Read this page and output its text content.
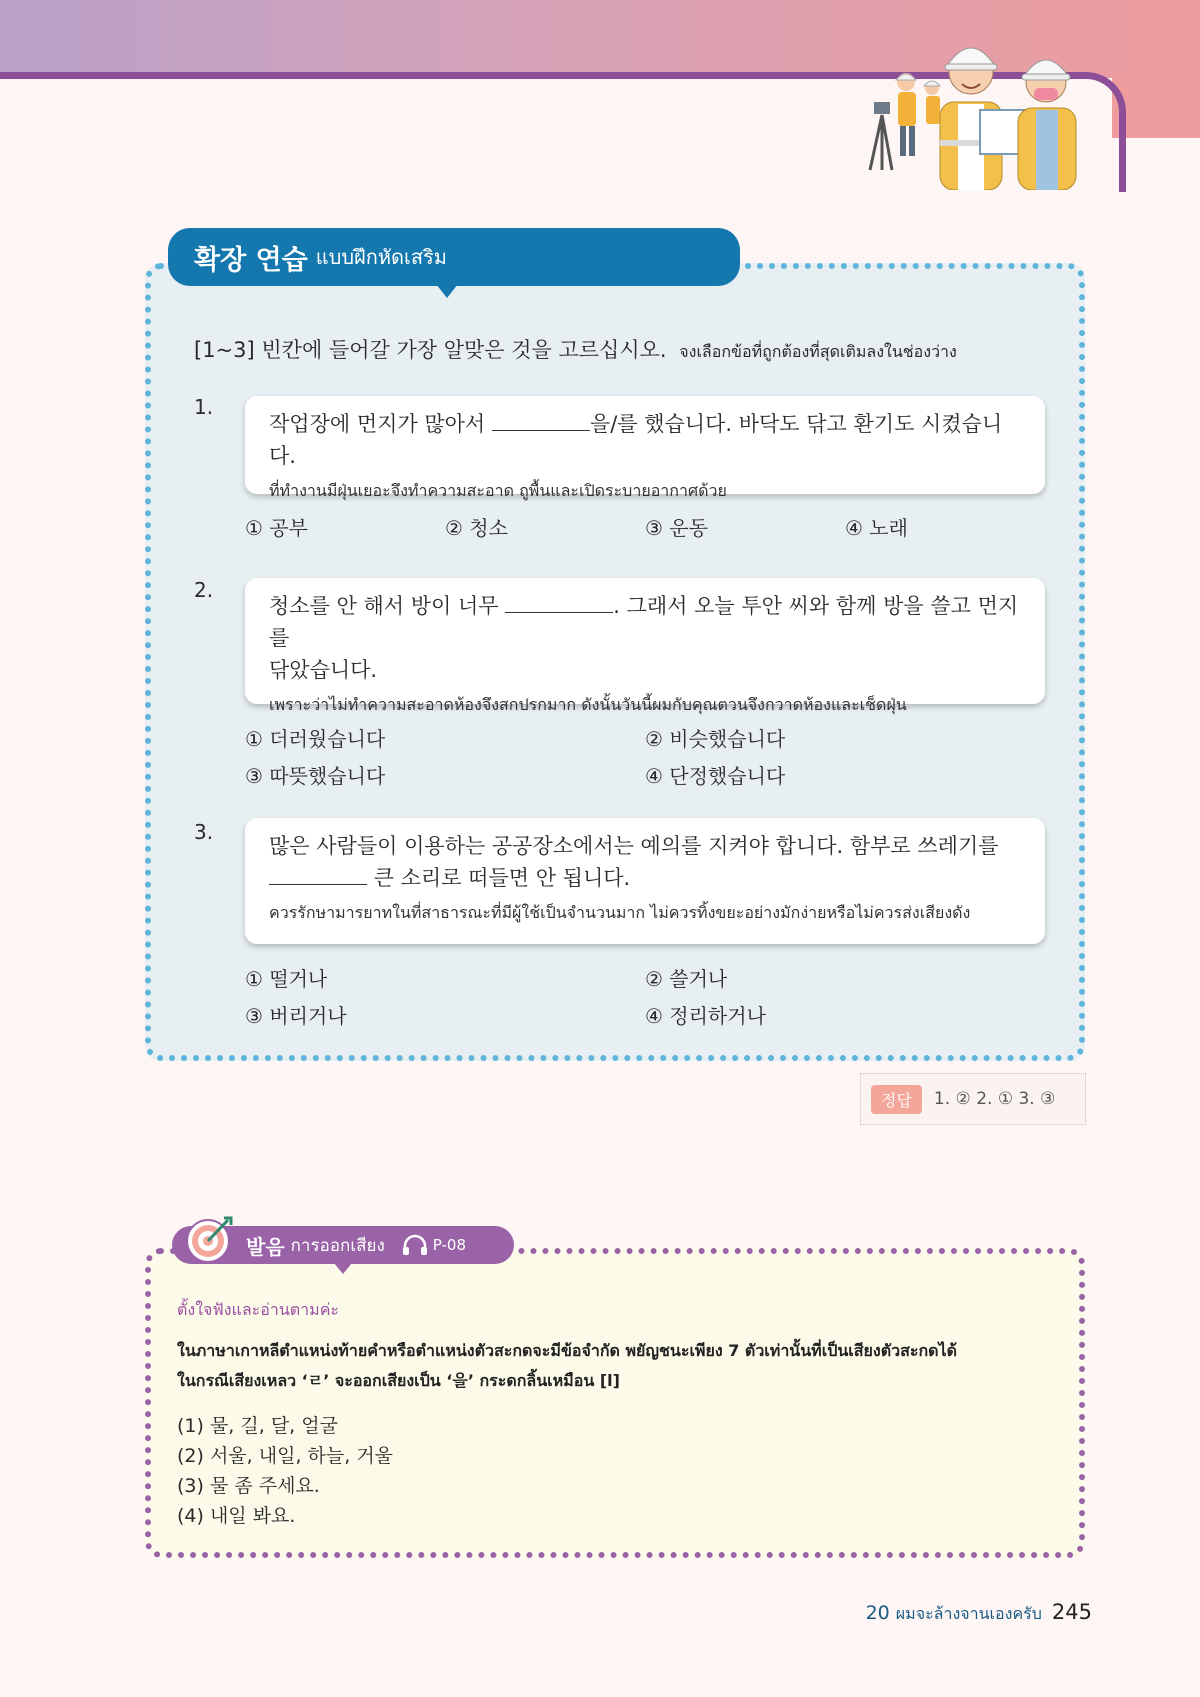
확장 연습 แบบฝึกหัดเสริม
[1~3] 빈칸에 들어갈 가장 알맞은 것을 고르십시오. จงเลือกข้อที่ถูกต้องที่สุดเติมลงในช่องว่าง
1.
작업장에 먼지가 많아서	을/를 했습니다. 바닥도 닦고 환기도 시켰습니다.
ที่ทำงานมีฝุ่นเยอะจึงทำความสะอาด ถูพื้นและเปิดระบายอากาศด้วย
① 공부	② 청소	③ 운동	④ 노래
2.
청소를 안 해서 방이 너무	. 그래서 오늘 투안 씨와 함께 방을 쓸고 먼지를
닦았습니다.
เพราะว่าไม่ทำความสะอาดห้องจึงสกปรกมาก ดังนั้นวันนี้ผมกับคุณตวนจึงกวาดห้องและเช็ดฝุ่น
① 더러웠습니다	② 비슷했습니다
③ 따뜻했습니다	④ 단정했습니다
3.
많은 사람들이 이용하는 공공장소에서는 예의를 지켜야 합니다. 함부로 쓰레기를
큰 소리로 떠들면 안 됩니다.
ควรรักษามารยาทในที่สาธารณะที่มีผู้ใช้เป็นจำนวนมาก ไม่ควรทิ้งขยะอย่างมักง่ายหรือไม่ควรส่งเสียงดัง
① 떨거나	② 쓸거나
③ 버리거나	④ 정리하거나
정답	1. ② 2. ① 3. ③
발음 การออกเสียง	P-08
ตั้งใจฟังและอ่านตามค่ะ
ในภาษาเกาหลีตำแหน่งท้ายคำหรือตำแหน่งตัวสะกดจะมีข้อจำกัด พยัญชนะเพียง 7 ตัวเท่านั้นที่เป็นเสียงตัวสะกดได้
ในกรณีเสียงเหลว ‘ㄹ’ จะออกเสียงเป็น ‘을’ กระดกลิ้นเหมือน [l]
(1) 물, 길, 달, 얼굴
(2) 서울, 내일, 하늘, 거울
(3) 물 좀 주세요.
(4) 내일 봐요.
20 ผมจะล้างจานเองครับ 245
